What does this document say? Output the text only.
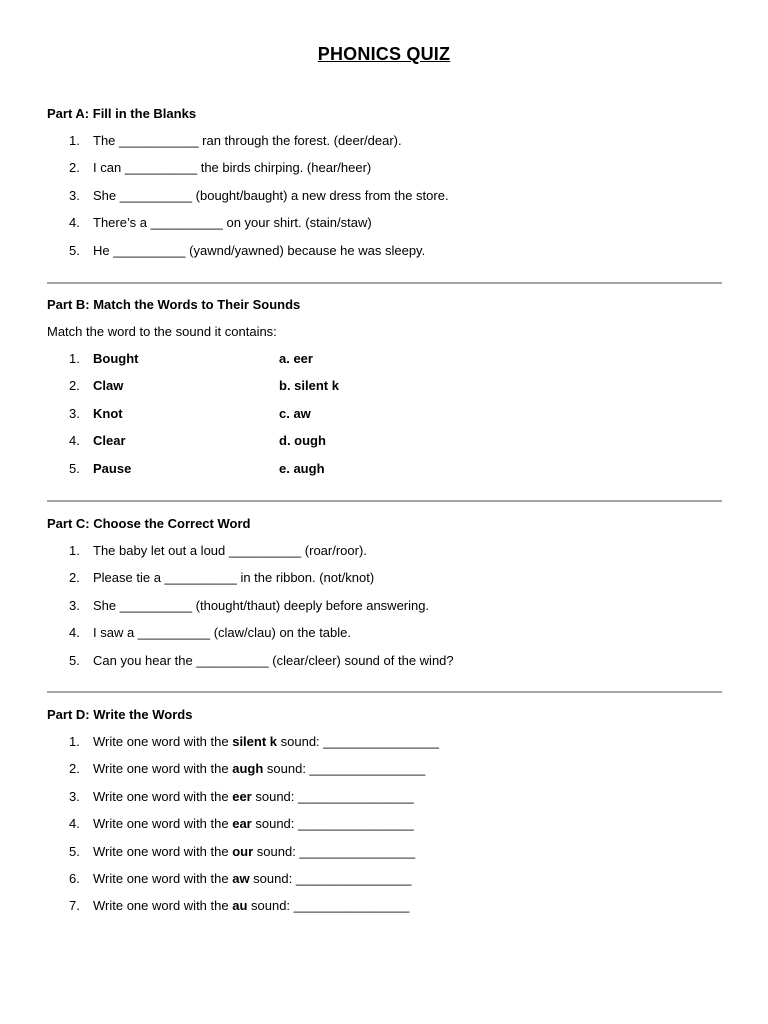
PHONICS QUIZ
Part A: Fill in the Blanks
1.	The ___________ ran through the forest. (deer/dear).
2.	I can __________ the birds chirping. (hear/heer)
3.	She __________ (bought/baught) a new dress from the store.
4.	There’s a __________ on your shirt. (stain/staw)
5.	He __________ (yawnd/yawned) because he was sleepy.
Part B: Match the Words to Their Sounds
Match the word to the sound it contains:
1.	Bought	a. eer
2.	Claw	b. silent k
3.	Knot	c. aw
4.	Clear	d. ough
5.	Pause	e. augh
Part C: Choose the Correct Word
1.	The baby let out a loud __________ (roar/roor).
2.	Please tie a __________ in the ribbon. (not/knot)
3.	She __________ (thought/thaut) deeply before answering.
4.	I saw a __________ (claw/clau) on the table.
5.	Can you hear the __________ (clear/cleer) sound of the wind?
Part D: Write the Words
1.	Write one word with the silent k sound: ________________
2.	Write one word with the augh sound: ________________
3.	Write one word with the eer sound: ________________
4.	Write one word with the ear sound: ________________
5.	Write one word with the our sound: ________________
6.	Write one word with the aw sound: ________________
7.	Write one word with the au sound: ________________
